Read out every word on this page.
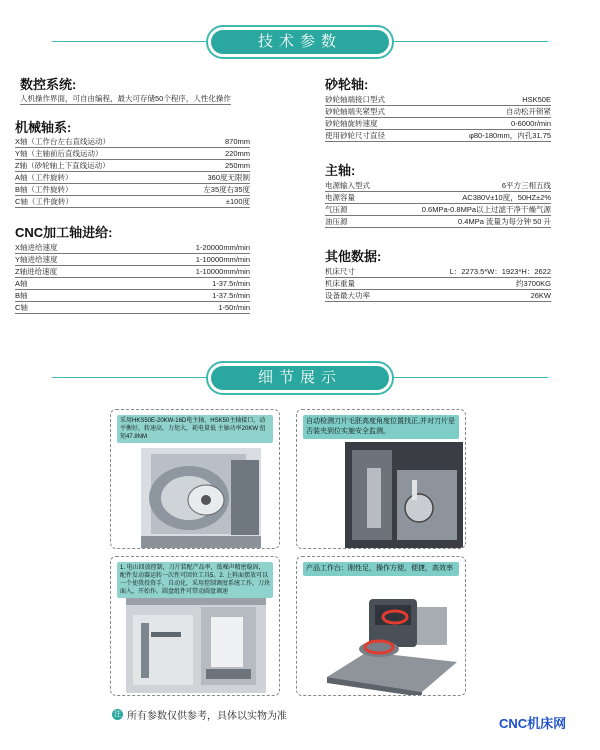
技术参数
数控系统:
人机操作界面，可自由编程，最大可存储50个程序，人性化操作
机械轴系:
X轴（工作台左右直线运动）	870mm
Y轴（主轴前后直线运动）	220mm
Z轴（砂轮轴上下直线运动）	250mm
A轴（工件旋转）	360度无限制
B轴（工件旋转）	左35度右35度
C轴（工件旋转）	±100度
CNC加工轴进给:
X轴进给速度	1-20000mm/min
Y轴进给速度	1-10000mm/min
Z轴进给速度	1-10000mm/min
A轴	1-37.5r/min
B轴	1-37.5r/min
C轴	1-50r/min
砂轮轴:
砂轮轴端接口型式	HSK50E
砂轮轴端夹紧型式	自动松开锁紧
砂轮轴旋转速度	0-6000r/min
使用砂轮尺寸直径	φ80-180mm，内孔31.75
主轴:
电源输入型式	6平方三相五线
电源容量	AC380V±10度，50HZ±2%
气压源	0.6MPa-0.8MPa以上过滤干净干燥气源
油压源	0.4MPa 流量为每分钟 50 升
其他数据:
机床尺寸	L：2273.5*W：1923*H：2622
机床重量	约3700KG
设备最大功率	26KW
细节展示
采用HKS50E-20KW-16D电主轴，HSK50主轴接口，动平衡好，转速高，力矩大，耗电量低 主轴功率20KW 扭矩47.8NM
自动检测刀片毛胚高度角度位置找正,并对刀片是否装夹到位实施安全监测。
1. 电山回放控制，刀片装配产品率，低噪声精密稳固，配件发动器运转一次性可回位工具5。2. 上料面摆放可以一个使我投资手，自动化，采用控制调度系统工作，刀块面入，开始作。圆盘组件可带动圆盘调速
产品工作台：刚性足，操作方便，便捷，高效率
注 所有参数仅供参考，具体以实物为准	CNC机床网
